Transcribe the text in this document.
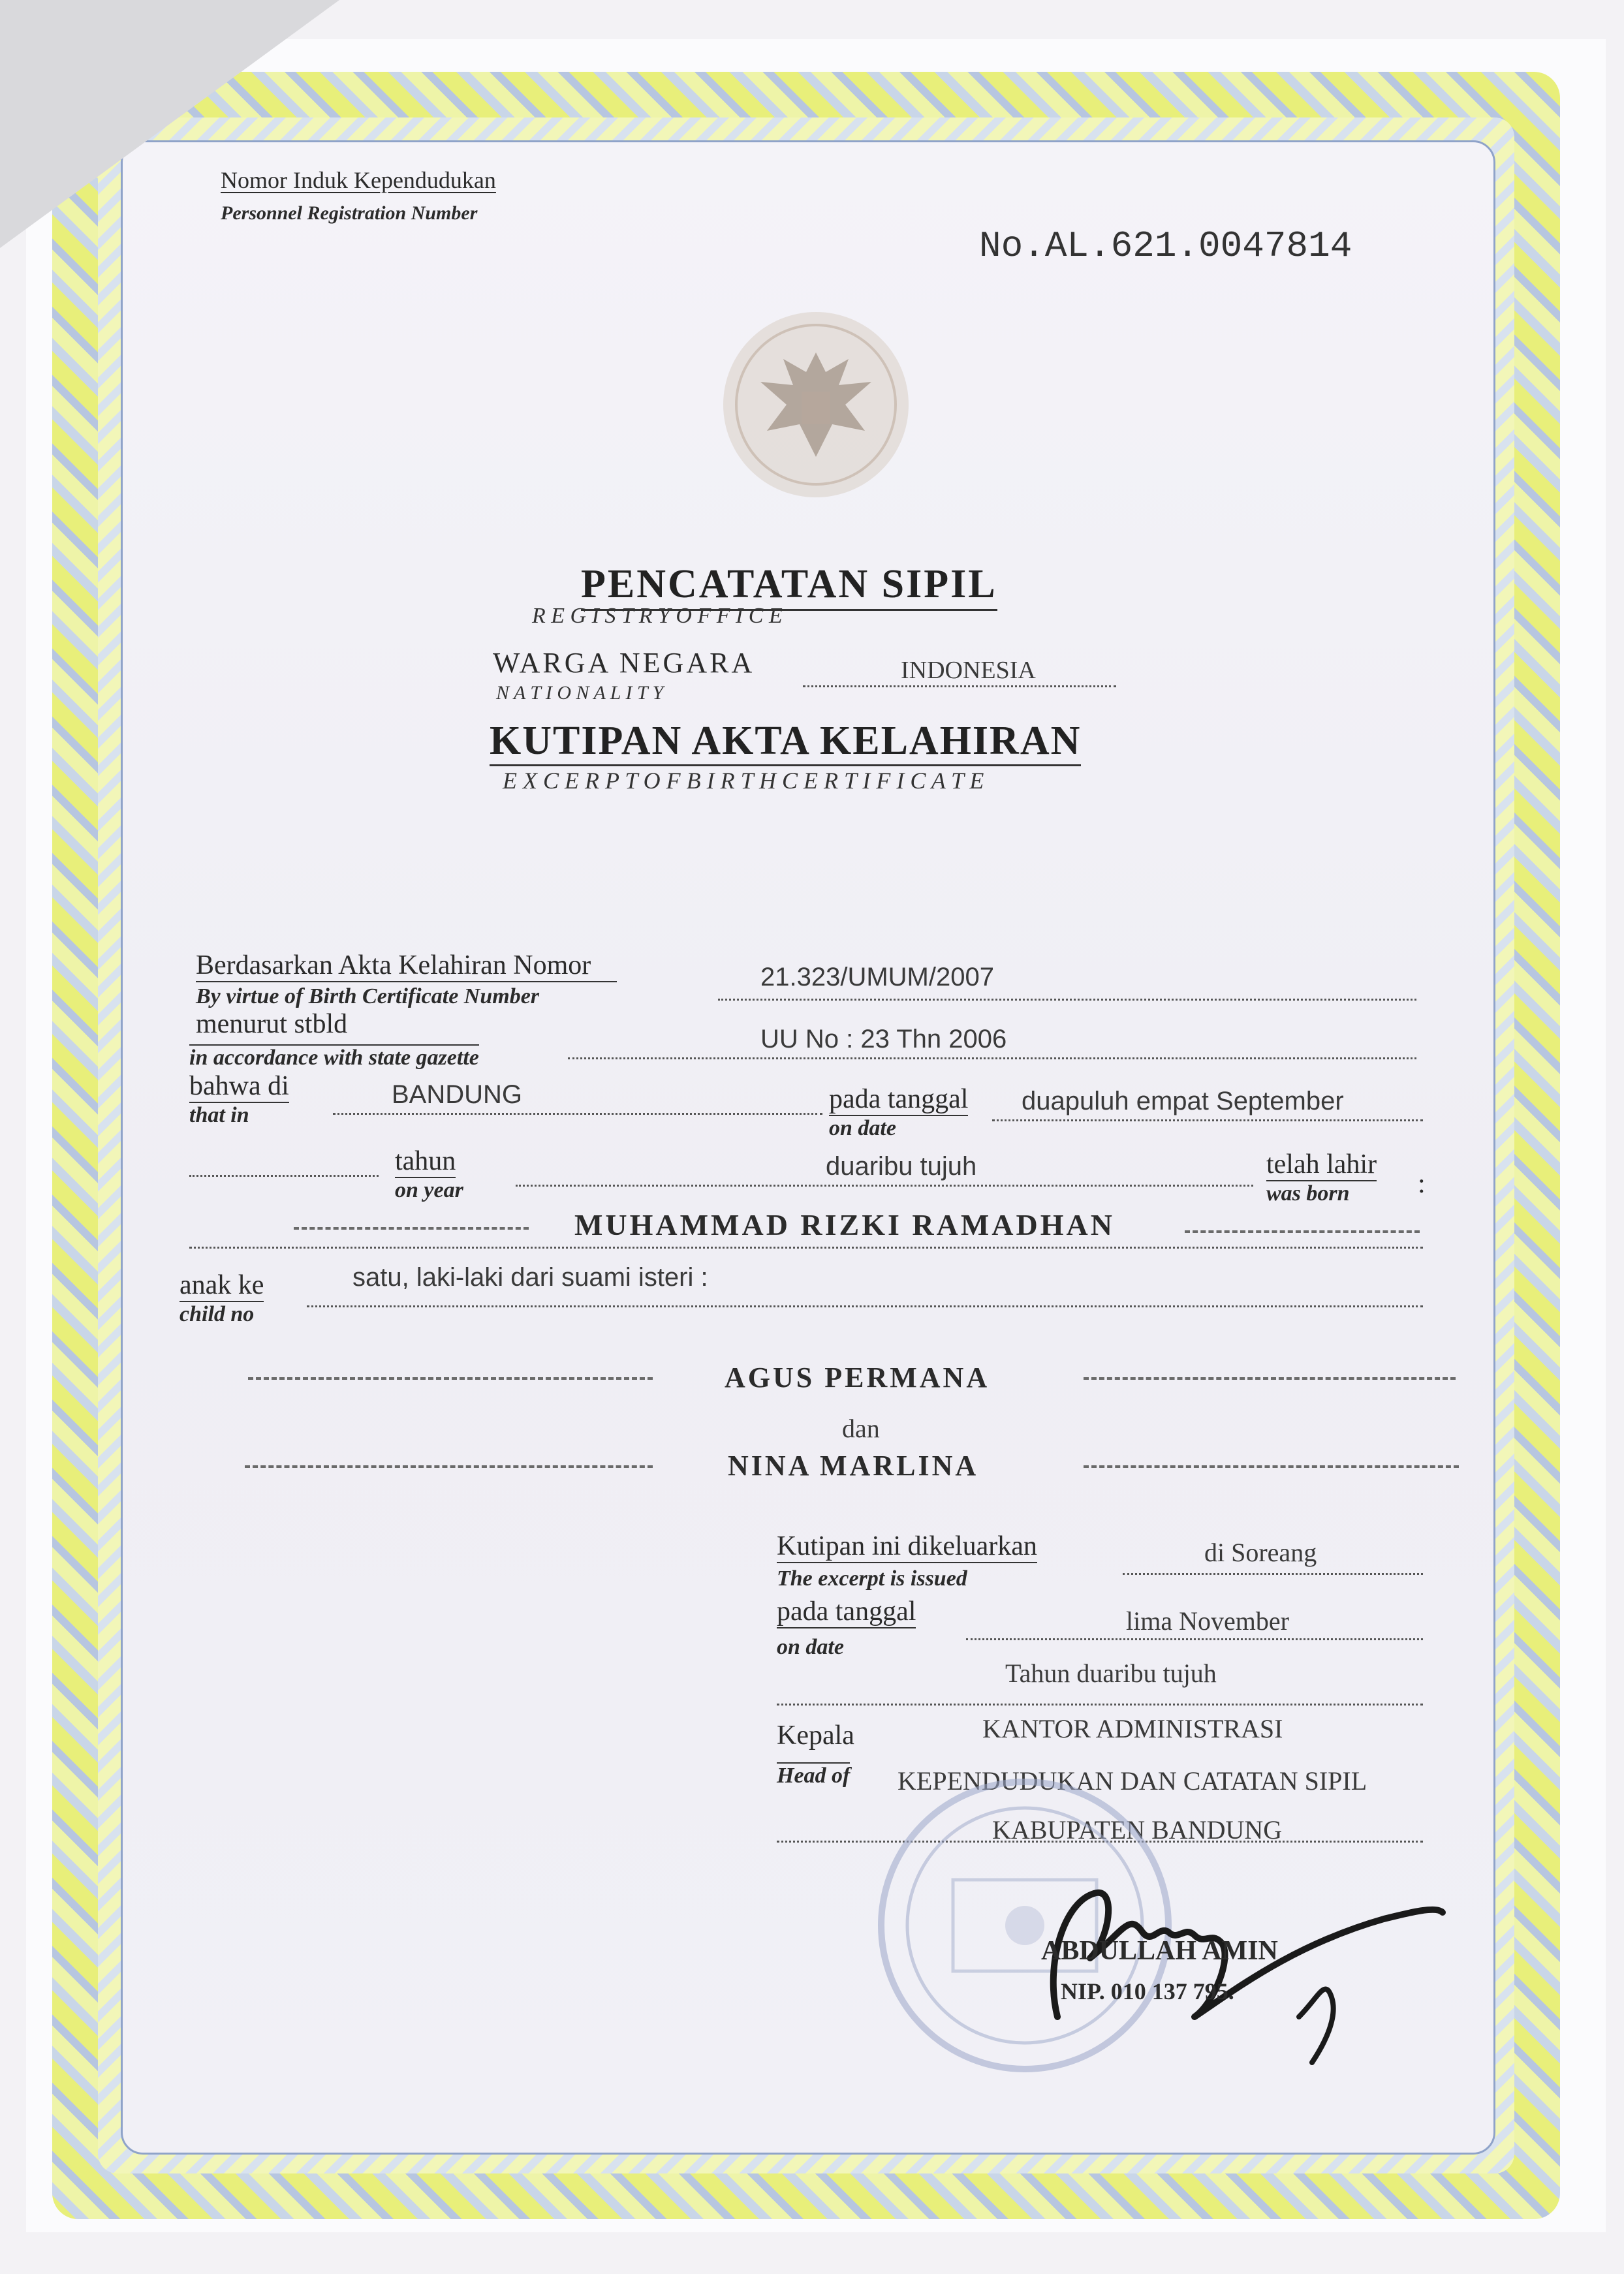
Nomor Induk Kependudukan
Personnel Registration Number
No.AL.621.0047814
PENCATATAN SIPIL
R E G I S T R Y O F F I C E
WARGA NEGARA
N A T I O N A L I T Y
INDONESIA
KUTIPAN AKTA KELAHIRAN
E X C E R P T O F B I R T H C E R T I F I C A T E
Berdasarkan Akta Kelahiran Nomor
By virtue of Birth Certificate Number
21.323/UMUM/2007
menurut stbld
in accordance with state gazette
UU No : 23 Thn 2006
bahwa di
that in
BANDUNG	pada tanggal
on date
duapuluh empat September
tahun
on year
duaribu tujuh	telah lahir
was born :
MUHAMMAD RIZKI RAMADHAN
anak ke
child no
satu, laki-laki dari suami isteri :
AGUS PERMANA
dan
NINA MARLINA
Kutipan ini dikeluarkan
The excerpt is issued
di Soreang
pada tanggal
on date
lima November
Tahun duaribu tujuh
Kepala
Head of
KANTOR ADMINISTRASI
KEPENDUDUKAN DAN CATATAN SIPIL
KABUPATEN BANDUNG
ABDULLAH AMIN
NIP. 010 137 795.
